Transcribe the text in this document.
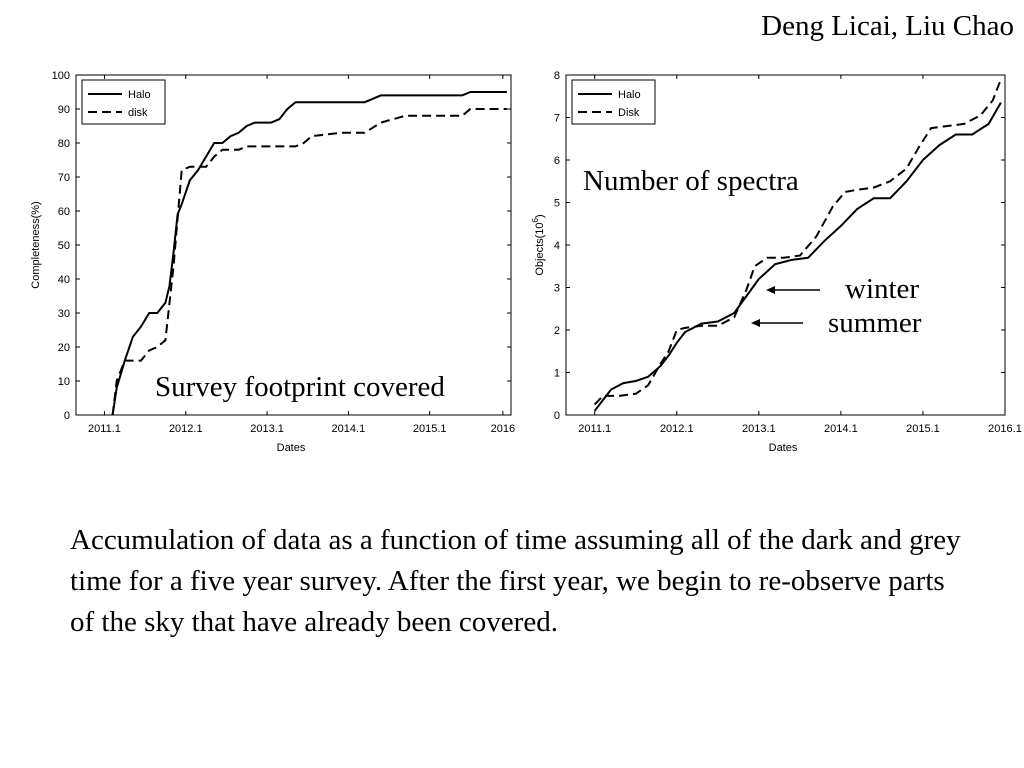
Deng Licai, Liu Chao
0
10
20
30
40
50
60
70
80
90
100
2011.1	2012.1	2013.1	2014.1	2015.1	2016
Halo
disk
Dates
Completeness(%)
Survey footprint covered
0
1
2
3
4
5
6
7
8
2011.1	2012.1	2013.1	2014.1	2015.1	2016.1
Halo
Disk
Dates
$Objects(10^6)$
Number of spectra
winter
summer
Accumulation of data as a function of time assuming all of the dark and grey time for a five year survey. After the first year, we begin to re-observe parts of the sky that have already been covered.
